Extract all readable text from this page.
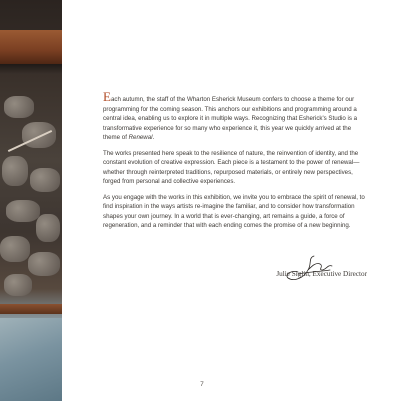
Each autumn, the staff of the Wharton Esherick Museum confers to choose a theme for our programming for the coming season. This anchors our exhibitions and programming around a central idea, enabling us to explore it in multiple ways. Recognizing that Esherick's Studio is a transformative experience for so many who experience it, this year we quickly arrived at the theme of Renewal.

The works presented here speak to the resilience of nature, the reinvention of identity, and the constant evolution of creative expression. Each piece is a testament to the power of renewal—whether through reinterpreted traditions, repurposed materials, or entirely new perspectives, forged from personal and collective experiences.

As you engage with the works in this exhibition, we invite you to embrace the spirit of renewal, to find inspiration in the ways artists re-imagine the familiar, and to consider how transformation shapes your own journey. In a world that is ever-changing, art remains a guide, a force of regeneration, and a reminder that with each ending comes the promise of a new beginning.

Julie Siglin, Executive Director
7
